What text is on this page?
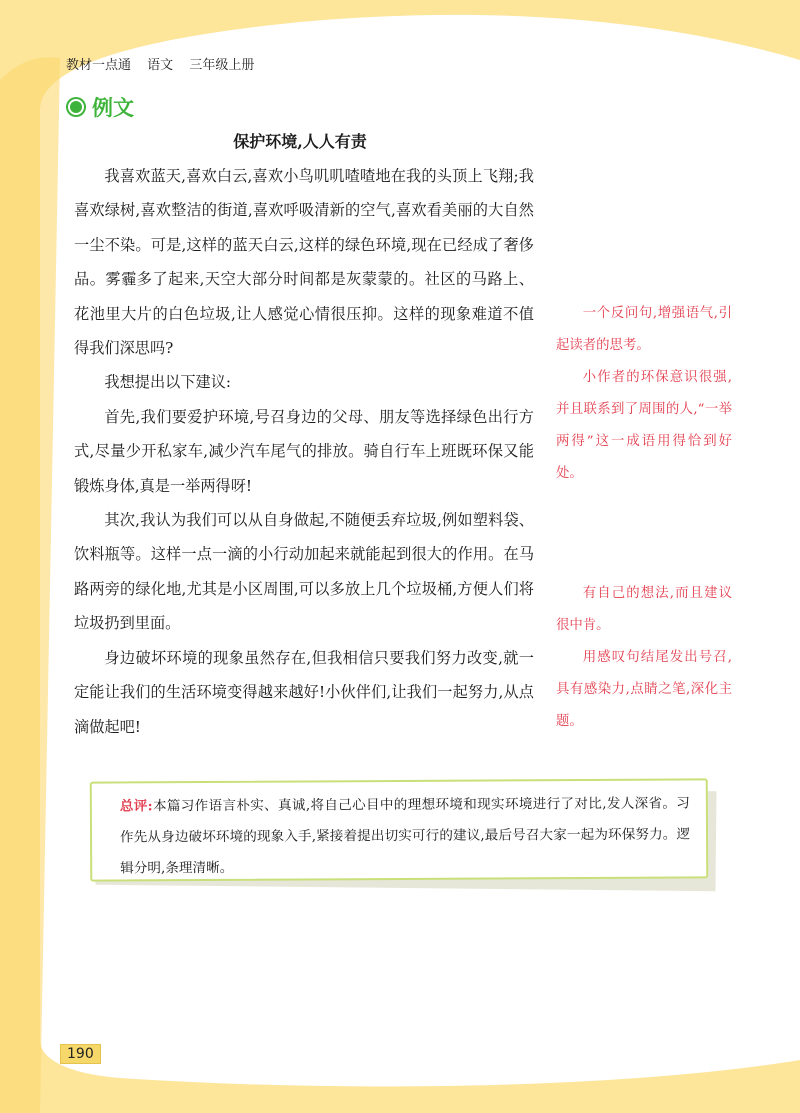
教材一点通 语文 三年级上册
例文
保护环境,人人有责

我喜欢蓝天,喜欢白云,喜欢小鸟叽叽喳喳地在我的头顶上飞翔;我喜欢绿树,喜欢整洁的街道,喜欢呼吸清新的空气,喜欢看美丽的大自然一尘不染。可是,这样的蓝天白云,这样的绿色环境,现在已经成了奢侈品。雾霾多了起来,天空大部分时间都是灰蒙蒙的。社区的马路上、花池里大片的白色垃圾,让人感觉心情很压抑。这样的现象难道不值得我们深思吗?

我想提出以下建议:

首先,我们要爱护环境,号召身边的父母、朋友等选择绿色出行方式,尽量少开私家车,减少汽车尾气的排放。骑自行车上班既环保又能锻炼身体,真是一举两得呀!

其次,我认为我们可以从自身做起,不随便丢弃垃圾,例如塑料袋、饮料瓶等。这样一点一滴的小行动加起来就能起到很大的作用。在马路两旁的绿化地,尤其是小区周围,可以多放上几个垃圾桶,方便人们将垃圾扔到里面。

身边破坏环境的现象虽然存在,但我相信只要我们努力改变,就一定能让我们的生活环境变得越来越好!小伙伴们,让我们一起努力,从点滴做起吧!

一个反问句,增强语气,引起读者的思考。
小作者的环保意识很强,并且联系到了周围的人,“一举两得”这一成语用得恰到好处。
有自己的想法,而且建议很中肯。
用感叹句结尾发出号召,具有感染力,点睛之笔,深化主题。
总评:本篇习作语言朴实、真诚,将自己心目中的理想环境和现实环境进行了对比,发人深省。习作先从身边破坏环境的现象入手,紧接着提出切实可行的建议,最后号召大家一起为环保努力。逻辑分明,条理清晰。
190
